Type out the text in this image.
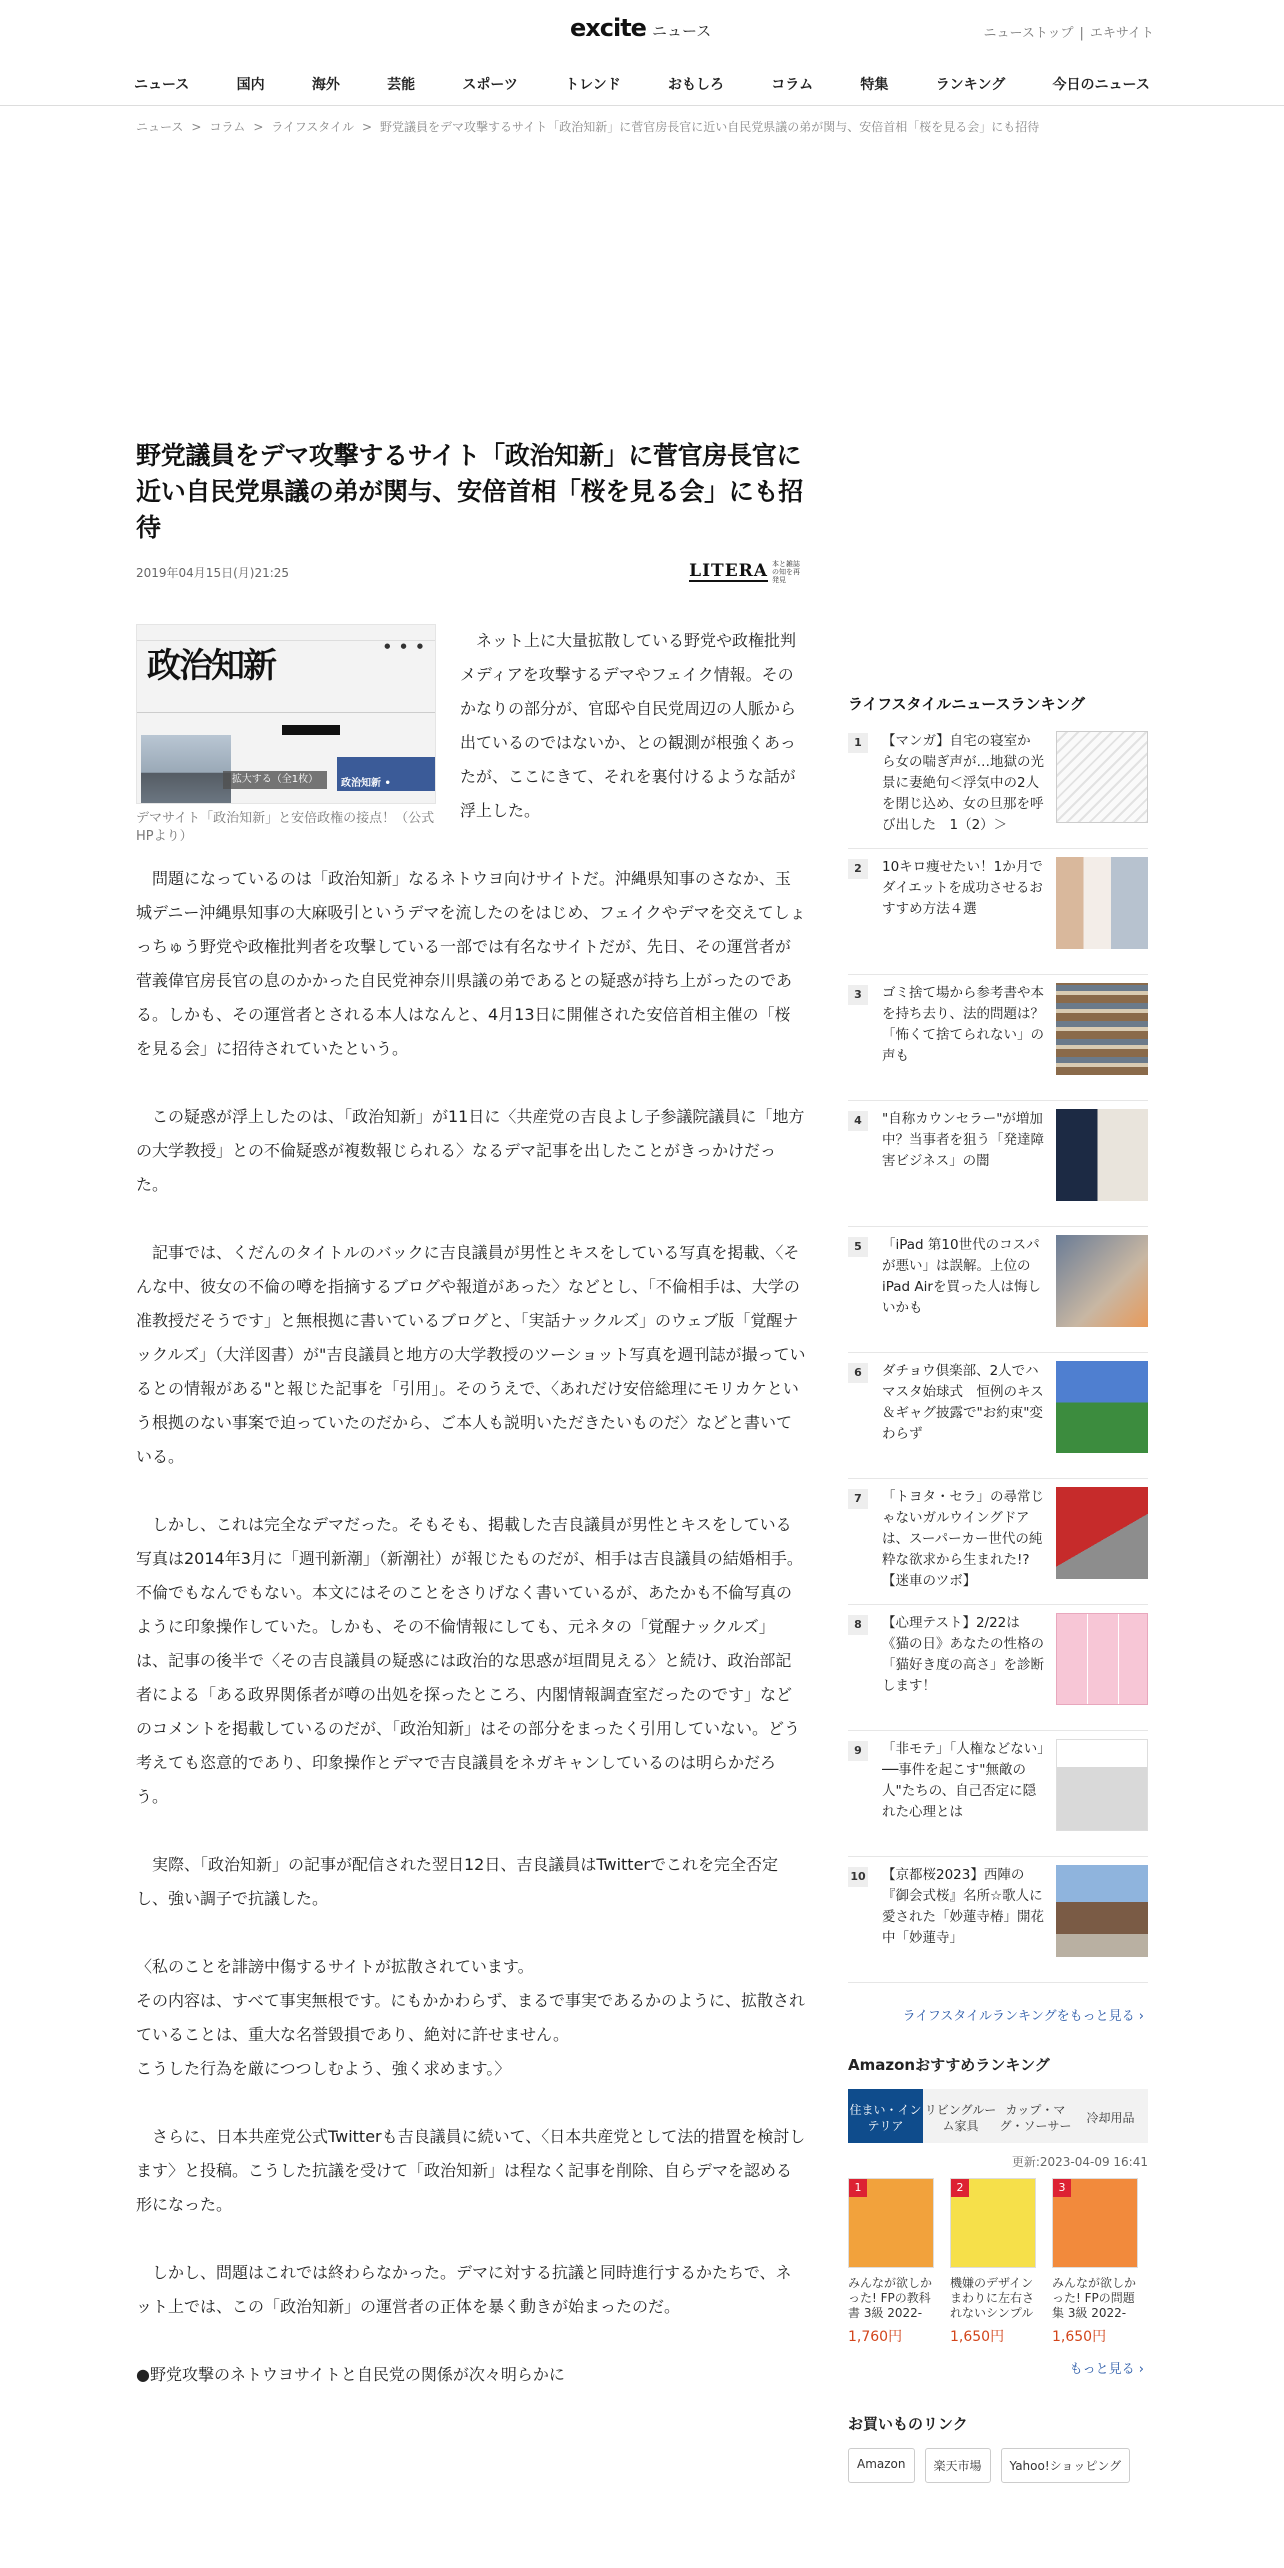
excite ニュース	ニューストップ | エキサイト
ニュース	国内	海外	芸能	スポーツ	トレンド	おもしろ	コラム	特集	ランキング	今日のニュース
ニュース > コラム > ライフスタイル > 野党議員をデマ攻撃するサイト「政治知新」に菅官房長官に近い自民党県議の弟が関与、安倍首相「桜を見る会」にも招待
野党議員をデマ攻撃するサイト「政治知新」に菅官房長官に近い自民党県議の弟が関与、安倍首相「桜を見る会」にも招待
2019年04月15日(月)21:25	LITERA 本と雑誌の知を再発見
● ● ●
政治知新
政治知新 •
拡大する（全1枚）
デマサイト「政治知新」と安倍政権の接点！（公式HPより）

ネット上に大量拡散している野党や政権批判メディアを攻撃するデマやフェイク情報。そのかなりの部分が、官邸や自民党周辺の人脈から出ているのではないか、との観測が根強くあったが、ここにきて、それを裏付けるような話が浮上した。

問題になっているのは「政治知新」なるネトウヨ向けサイトだ。沖縄県知事のさなか、玉城デニー沖縄県知事の大麻吸引というデマを流したのをはじめ、フェイクやデマを交えてしょっちゅう野党や政権批判者を攻撃している一部では有名なサイトだが、先日、その運営者が菅義偉官房長官の息のかかった自民党神奈川県議の弟であるとの疑惑が持ち上がったのである。しかも、その運営者とされる本人はなんと、4月13日に開催された安倍首相主催の「桜を見る会」に招待されていたという。

この疑惑が浮上したのは、「政治知新」が11日に〈共産党の吉良よし子参議院議員に「地方の大学教授」との不倫疑惑が複数報じられる〉なるデマ記事を出したことがきっかけだった。

記事では、くだんのタイトルのバックに吉良議員が男性とキスをしている写真を掲載、〈そんな中、彼女の不倫の噂を指摘するブログや報道があった〉などとし、「不倫相手は、大学の准教授だそうです」と無根拠に書いているブログと、「実話ナックルズ」のウェブ版「覚醒ナックルズ」（大洋図書）が"吉良議員と地方の大学教授のツーショット写真を週刊誌が撮っているとの情報がある"と報じた記事を「引用」。そのうえで、〈あれだけ安倍総理にモリカケという根拠のない事案で迫っていたのだから、ご本人も説明いただきたいものだ〉などと書いている。

しかし、これは完全なデマだった。そもそも、掲載した吉良議員が男性とキスをしている写真は2014年3月に「週刊新潮」（新潮社）が報じたものだが、相手は吉良議員の結婚相手。不倫でもなんでもない。本文にはそのことをさりげなく書いているが、あたかも不倫写真のように印象操作していた。しかも、その不倫情報にしても、元ネタの「覚醒ナックルズ」は、記事の後半で〈その吉良議員の疑惑には政治的な思惑が垣間見える〉と続け、政治部記者による「ある政界関係者が噂の出処を探ったところ、内閣情報調査室だったのです」などのコメントを掲載しているのだが、「政治知新」はその部分をまったく引用していない。どう考えても恣意的であり、印象操作とデマで吉良議員をネガキャンしているのは明らかだろう。

実際、「政治知新」の記事が配信された翌日12日、吉良議員はTwitterでこれを完全否定し、強い調子で抗議した。

〈私のことを誹謗中傷するサイトが拡散されています。
その内容は、すべて事実無根です。にもかかわらず、まるで事実であるかのように、拡散されていることは、重大な名誉毀損であり、絶対に許せません。
こうした行為を厳につつしむよう、強く求めます。〉

さらに、日本共産党公式Twitterも吉良議員に続いて、〈日本共産党として法的措置を検討します〉と投稿。こうした抗議を受けて「政治知新」は程なく記事を削除、自らデマを認める形になった。

しかし、問題はこれでは終わらなかった。デマに対する抗議と同時進行するかたちで、ネット上では、この「政治知新」の運営者の正体を暴く動きが始まったのだ。

●野党攻撃のネトウヨサイトと自民党の関係が次々明らかに

ライフスタイルニュースランキング
1	【マンガ】自宅の寝室から女の喘ぎ声が…地獄の光景に妻絶句＜浮気中の2人を閉じ込め、女の旦那を呼び出した　1（2）＞
2	10キロ痩せたい！1か月でダイエットを成功させるおすすめ方法４選
3	ゴミ捨て場から参考書や本を持ち去り、法的問題は？「怖くて捨てられない」の声も
4	"自称カウンセラー"が増加中？当事者を狙う「発達障害ビジネス」の闇
5	「iPad 第10世代のコスパが悪い」は誤解。上位のiPad Airを買った人は悔しいかも
6	ダチョウ倶楽部、2人でハマスタ始球式　恒例のキス＆ギャグ披露で"お約束"変わらず
7	「トヨタ・セラ」の尋常じゃないガルウイングドアは、スーパーカー世代の純粋な欲求から生まれた!?【迷車のツボ】
8	【心理テスト】2/22は《猫の日》あなたの性格の「猫好き度の高さ」を診断します！
9	「非モテ」「人権などない」──事件を起こす"無敵の人"たちの、自己否定に隠れた心理とは
10 【京都桜2023】西陣の『御会式桜』名所☆歌人に愛された「妙蓮寺椿」開花中「妙蓮寺」
ライフスタイルランキングをもっと見る ›
Amazonおすすめランキング
住まい・インテリア
リビングルーム家具
カップ・マグ・ソーサー
冷却用品
更新:2023-04-09 16:41
1
みんなが欲しかった! FPの教科書 3級 2022-
1,760円
2
機嫌のデザイン まわりに左右されないシンプル
1,650円
3
みんなが欲しかった! FPの問題集 3級 2022-
1,650円
もっと見る ›
お買いものリンク
Amazon	楽天市場	Yahoo!ショッピング
